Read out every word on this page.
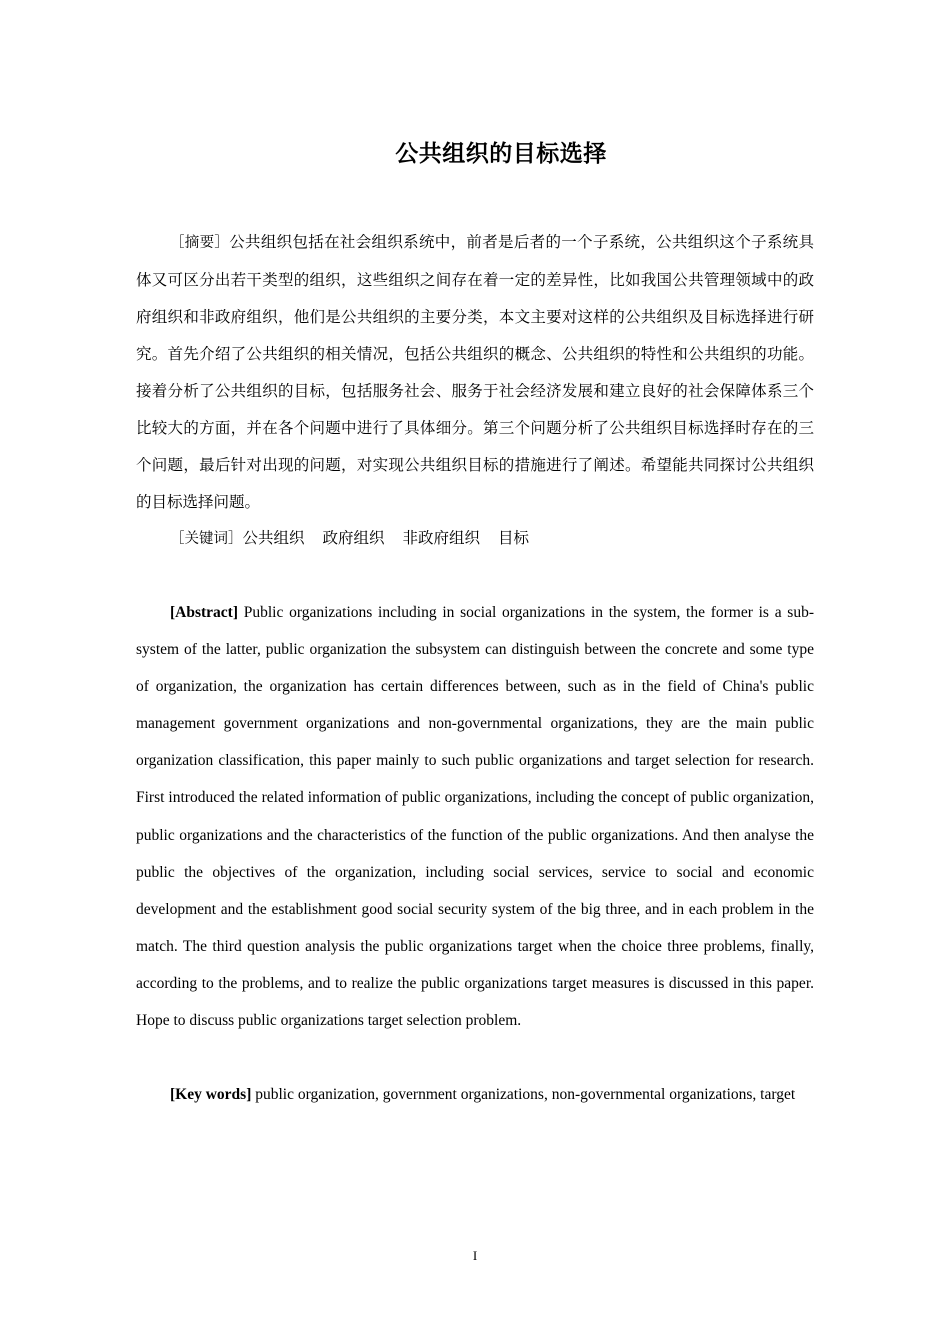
公共组织的目标选择
［摘要］公共组织包括在社会组织系统中，前者是后者的一个子系统，公共组织这个子系统具体又可区分出若干类型的组织，这些组织之间存在着一定的差异性，比如我国公共管理领域中的政府组织和非政府组织，他们是公共组织的主要分类，本文主要对这样的公共组织及目标选择进行研究。首先介绍了公共组织的相关情况，包括公共组织的概念、公共组织的特性和公共组织的功能。接着分析了公共组织的目标，包括服务社会、服务于社会经济发展和建立良好的社会保障体系三个比较大的方面，并在各个问题中进行了具体细分。第三个问题分析了公共组织目标选择时存在的三个问题，最后针对出现的问题，对实现公共组织目标的措施进行了阐述。希望能共同探讨公共组织的目标选择问题。
［关键词］公共组织 政府组织 非政府组织 目标
[Abstract] Public organizations including in social organizations in the system, the former is a sub-system of the latter, public organization the subsystem can distinguish between the concrete and some type of organization, the organization has certain differences between, such as in the field of China's public management government organizations and non-governmental organizations, they are the main public organization classification, this paper mainly to such public organizations and target selection for research. First introduced the related information of public organizations, including the concept of public organization, public organizations and the characteristics of the function of the public organizations. And then analyse the public the objectives of the organization, including social services, service to social and economic development and the establishment good social security system of the big three, and in each problem in the match. The third question analysis the public organizations target when the choice three problems, finally, according to the problems, and to realize the public organizations target measures is discussed in this paper. Hope to discuss public organizations target selection problem.
[Key words] public organization, government organizations, non-governmental organizations, target
I
